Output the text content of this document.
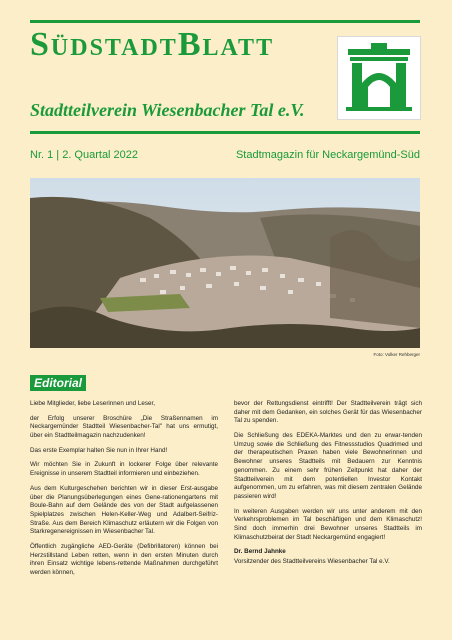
SüdstadtBlatt
Stadtteilverein Wiesenbacher Tal e.V.
Nr. 1 | 2. Quartal 2022	Stadtmagazin für Neckargemünd-Süd
Foto: Volker Rehberger
Editorial

Liebe Mitglieder, liebe Leserinnen und Leser,

der Erfolg unserer Broschüre „Die Straßennamen im Neckargemünder Stadtteil Wiesenbacher-Tal" hat uns ermutigt, über ein Stadtteilmagazin nachzudenken!

Das erste Exemplar halten Sie nun in Ihrer Hand!

Wir möchten Sie in Zukunft in lockerer Folge über relevante Ereignisse in unserem Stadtteil informieren und einbeziehen.

Aus dem Kulturgeschehen berichten wir in dieser Erst-ausgabe über die Planungsüberlegungen eines Gene-rationengartens mit Boule-Bahn auf dem Gelände des von der Stadt aufgelassenen Spielplatzes zwischen Helen-Keller-Weg und Adalbert-Seifriz-Straße. Aus dem Bereich Klimaschutz erläutern wir die Folgen von Starkregenereignissen im Wiesenbacher Tal.

Öffentlich zugängliche AED-Geräte (Defibrillatoren) können bei Herzstillstand Leben retten, wenn in den ersten Minuten durch ihren Einsatz wichtige lebens-rettende Maßnahmen durchgeführt werden können,

bevor der Rettungsdienst eintrifft! Der Stadtteilverein trägt sich daher mit dem Gedanken, ein solches Gerät für das Wiesenbacher Tal zu spenden.

Die Schließung des EDEKA-Marktes und den zu erwar-tenden Umzug sowie die Schließung des Fitnessstudios Quadrimed und der therapeutischen Praxen haben viele Bewohnerinnen und Bewohner unseres Stadtteils mit Bedauern zur Kenntnis genommen. Zu einem sehr frühen Zeitpunkt hat daher der Stadtteilverein mit dem potentiellen Investor Kontakt aufgenommen, um zu erfahren, was mit diesem zentralen Gelände passieren wird!

In weiteren Ausgaben werden wir uns unter anderem mit den Verkehrsproblemen im Tal beschäftigen und dem Klimaschutz! Sind doch immerhin drei Bewohner unseres Stadtteils im Klimaschutzbeirat der Stadt Neckargemünd engagiert!

Dr. Bernd Jahnke

Vorsitzender des Stadtteilvereins Wiesenbacher Tal e.V.
